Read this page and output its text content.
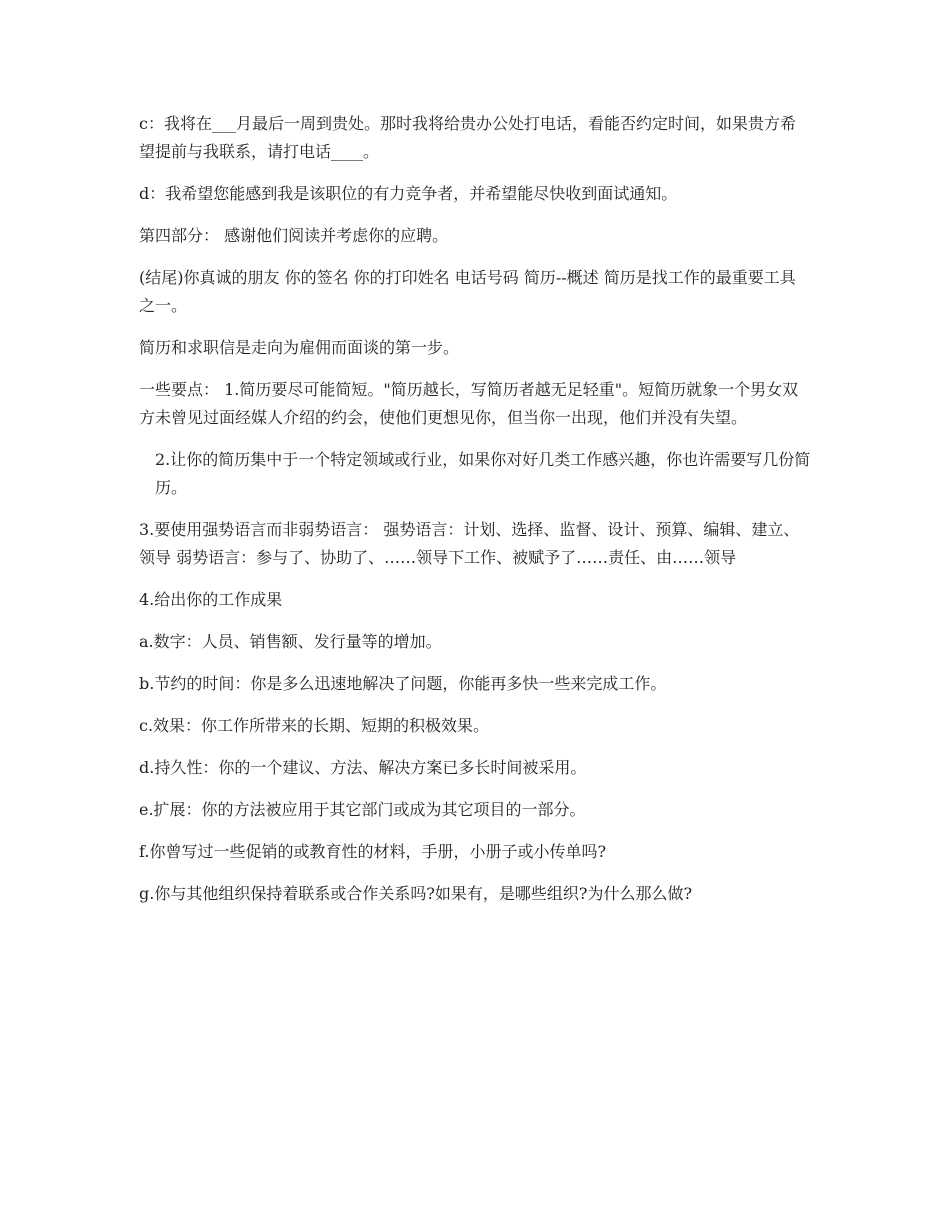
c：我将在___月最后一周到贵处。那时我将给贵办公处打电话，看能否约定时间，如果贵方希望提前与我联系，请打电话____。

d：我希望您能感到我是该职位的有力竞争者，并希望能尽快收到面试通知。

第四部分： 感谢他们阅读并考虑你的应聘。

(结尾)你真诚的朋友 你的签名 你的打印姓名 电话号码 简历--概述 简历是找工作的最重要工具之一。

简历和求职信是走向为雇佣而面谈的第一步。

一些要点： 1.简历要尽可能简短。"简历越长，写简历者越无足轻重"。短简历就象一个男女双方未曾见过面经媒人介绍的约会，使他们更想见你，但当你一出现，他们并没有失望。

2.让你的简历集中于一个特定领域或行业，如果你对好几类工作感兴趣，你也许需要写几份简历。

3.要使用强势语言而非弱势语言： 强势语言：计划、选择、监督、设计、预算、编辑、建立、领导 弱势语言：参与了、协助了、……领导下工作、被赋予了……责任、由……领导

4.给出你的工作成果

a.数字：人员、销售额、发行量等的增加。

b.节约的时间：你是多么迅速地解决了问题，你能再多快一些来完成工作。

c.效果：你工作所带来的长期、短期的积极效果。

d.持久性：你的一个建议、方法、解决方案已多长时间被采用。

e.扩展：你的方法被应用于其它部门或成为其它项目的一部分。

f.你曾写过一些促销的或教育性的材料，手册，小册子或小传单吗?

g.你与其他组织保持着联系或合作关系吗?如果有，是哪些组织?为什么那么做?
